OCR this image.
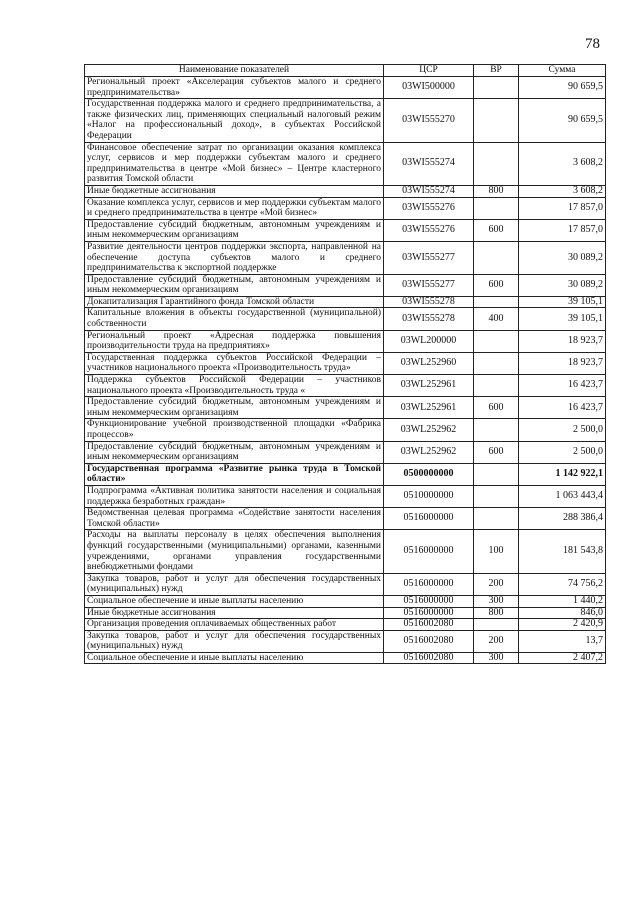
78
Наименование показателей	ЦСР	ВР	Сумма
Региональный проект «Акселерация субъектов малого и среднего предпринимательства»	03WI500000		90 659,5
Государственная поддержка малого и среднего предпринимательства, а также физических лиц, применяющих специальный налоговый режим «Налог на профессиональный доход», в субъектах Российской Федерации	03WI555270		90 659,5
Финансовое обеспечение затрат по организации оказания комплекса услуг, сервисов и мер поддержки субъектам малого и среднего предпринимательства в центре «Мой бизнес» – Центре кластерного развития Томской области	03WI555274		3 608,2
Иные бюджетные ассигнования	03WI555274	800	3 608,2
Оказание комплекса услуг, сервисов и мер поддержки субъектам малого и среднего предпринимательства в центре «Мой бизнес»	03WI555276		17 857,0
Предоставление субсидий бюджетным, автономным учреждениям и иным некоммерческим организациям	03WI555276	600	17 857,0
Развитие деятельности центров поддержки экспорта, направленной на обеспечение доступа субъектов малого и среднего предпринимательства к экспортной поддержке	03WI555277		30 089,2
Предоставление субсидий бюджетным, автономным учреждениям и иным некоммерческим организациям	03WI555277	600	30 089,2
Докапитализация Гарантийного фонда Томской области	03WI555278		39 105,1
Капитальные вложения в объекты государственной (муниципальной) собственности	03WI555278	400	39 105,1
Региональный проект «Адресная поддержка повышения производительности труда на предприятиях»	03WL200000		18 923,7
Государственная поддержка субъектов Российской Федерации – участников национального проекта «Производительность труда»	03WL252960		18 923,7
Поддержка субъектов Российской Федерации – участников национального проекта «Производительность труда «	03WL252961		16 423,7
Предоставление субсидий бюджетным, автономным учреждениям и иным некоммерческим организациям	03WL252961	600	16 423,7
Функционирование учебной производственной площадки «Фабрика процессов»	03WL252962		2 500,0
Предоставление субсидий бюджетным, автономным учреждениям и иным некоммерческим организациям	03WL252962	600	2 500,0
Государственная программа «Развитие рынка труда в Томской области»	0500000000		1 142 922,1
Подпрограмма «Активная политика занятости населения и социальная поддержка безработных граждан»	0510000000		1 063 443,4
Ведомственная целевая программа «Содействие занятости населения Томской области»	0516000000		288 386,4
Расходы на выплаты персоналу в целях обеспечения выполнения функций государственными (муниципальными) органами, казенными учреждениями, органами управления государственными внебюджетными фондами	0516000000	100	181 543,8
Закупка товаров, работ и услуг для обеспечения государственных (муниципальных) нужд	0516000000	200	74 756,2
Социальное обеспечение и иные выплаты населению	0516000000	300	1 440,2
Иные бюджетные ассигнования	0516000000	800	846,0
Организация проведения оплачиваемых общественных работ	0516002080		2 420,9
Закупка товаров, работ и услуг для обеспечения государственных (муниципальных) нужд	0516002080	200	13,7
Социальное обеспечение и иные выплаты населению	0516002080	300	2 407,2
